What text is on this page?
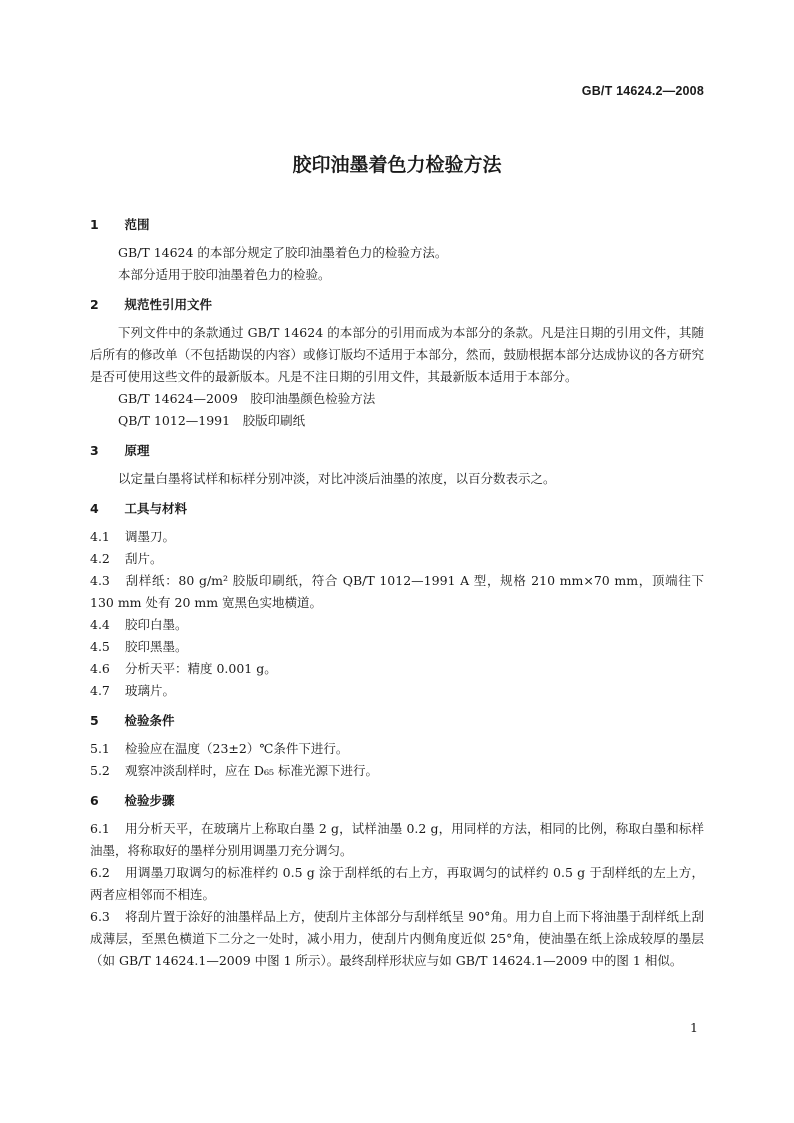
GB/T 14624.2—2008
胶印油墨着色力检验方法
1　 范围
GB/T 14624 的本部分规定了胶印油墨着色力的检验方法。
本部分适用于胶印油墨着色力的检验。
2　 规范性引用文件
下列文件中的条款通过 GB/T 14624 的本部分的引用而成为本部分的条款。凡是注日期的引用文件，其随后所有的修改单（不包括勘误的内容）或修订版均不适用于本部分，然而，鼓励根据本部分达成协议的各方研究是否可使用这些文件的最新版本。凡是不注日期的引用文件，其最新版本适用于本部分。
GB/T 14624—2009　胶印油墨颜色检验方法
QB/T 1012—1991　胶版印刷纸
3　 原理
以定量白墨将试样和标样分别冲淡，对比冲淡后油墨的浓度，以百分数表示之。
4　 工具与材料
4.1 调墨刀。
4.2 刮片。
4.3 刮样纸：80 g/m² 胶版印刷纸，符合 QB/T 1012—1991 A 型，规格 210 mm×70 mm，顶端往下130 mm 处有 20 mm 宽黑色实地横道。
4.4 胶印白墨。
4.5 胶印黑墨。
4.6 分析天平：精度 0.001 g。
4.7 玻璃片。
5　 检验条件
5.1 检验应在温度（23±2）℃条件下进行。
5.2 观察冲淡刮样时，应在 D₆₅ 标准光源下进行。
6　 检验步骤
6.1 用分析天平，在玻璃片上称取白墨 2 g，试样油墨 0.2 g，用同样的方法，相同的比例，称取白墨和标样油墨，将称取好的墨样分别用调墨刀充分调匀。
6.2 用调墨刀取调匀的标准样约 0.5 g 涂于刮样纸的右上方，再取调匀的试样约 0.5 g 于刮样纸的左上方，两者应相邻而不相连。
6.3 将刮片置于涂好的油墨样品上方，使刮片主体部分与刮样纸呈 90°角。用力自上而下将油墨于刮样纸上刮成薄层，至黑色横道下二分之一处时，减小用力，使刮片内侧角度近似 25°角，使油墨在纸上涂成较厚的墨层（如 GB/T 14624.1—2009 中图 1 所示）。最终刮样形状应与如 GB/T 14624.1—2009 中的图 1 相似。
1
